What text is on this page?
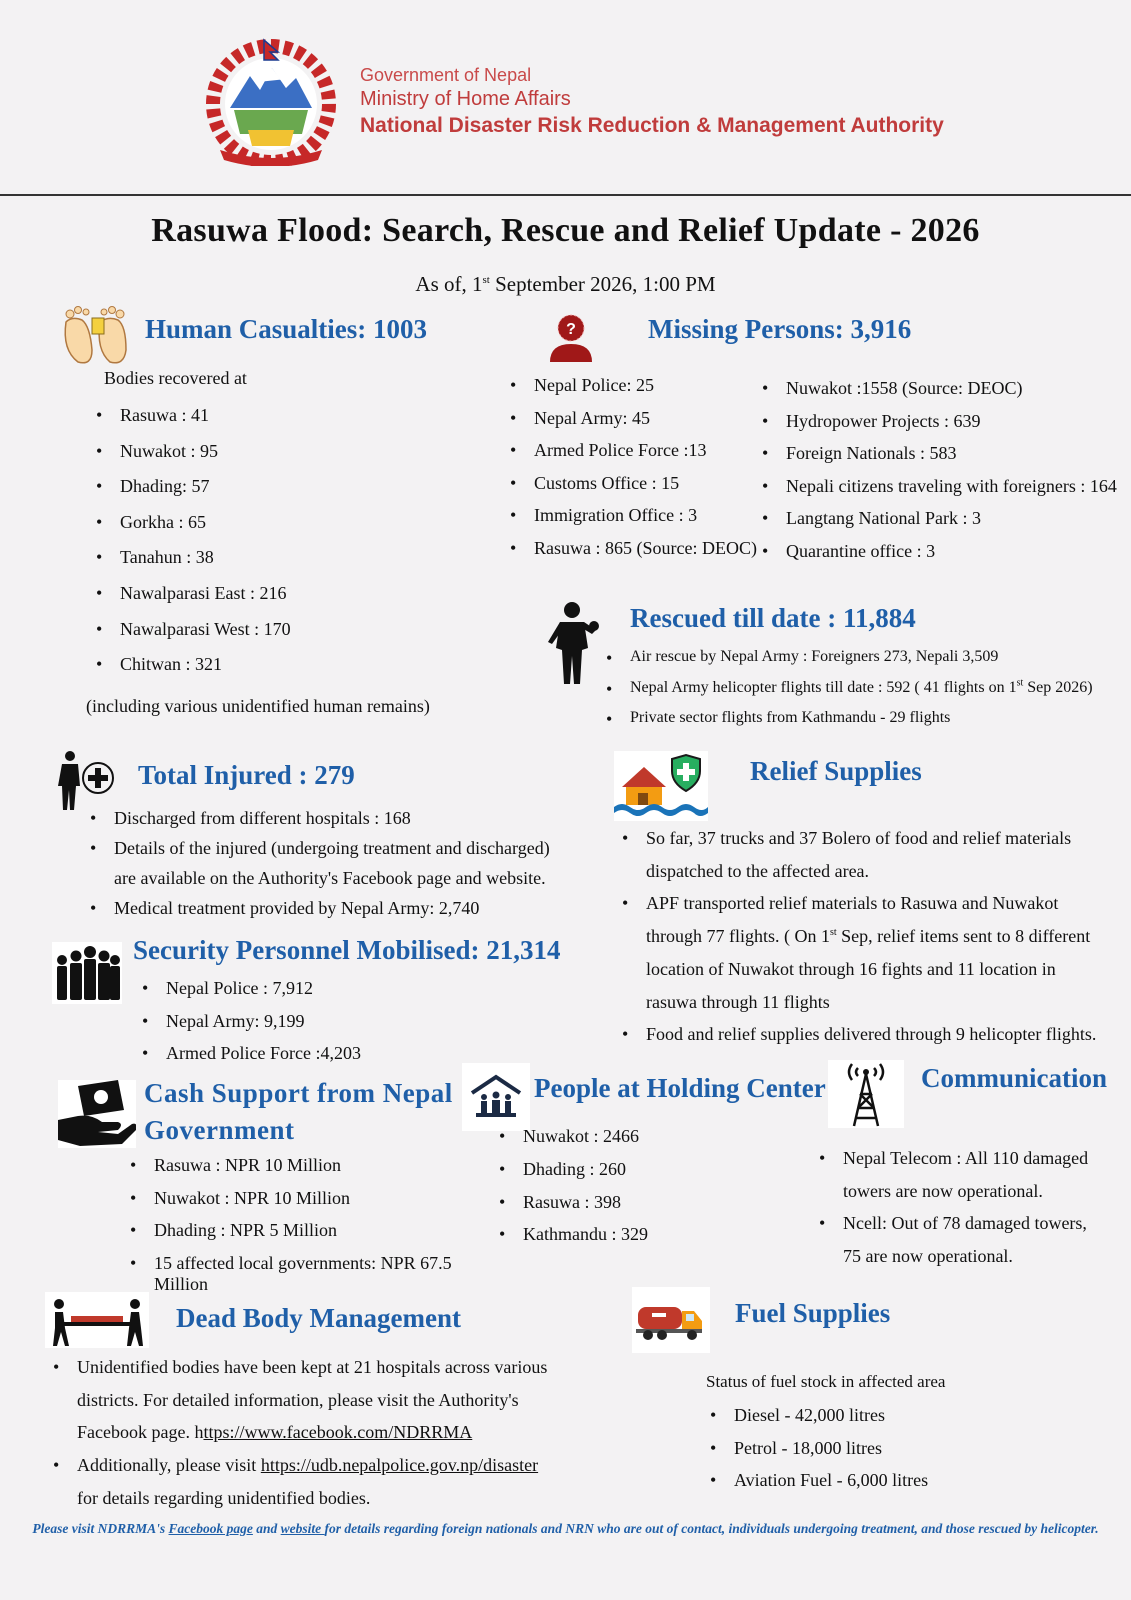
Government of Nepal
Ministry of Home Affairs
National Disaster Risk Reduction & Management Authority
Rasuwa Flood: Search, Rescue and Relief Update - 2026
As of, 1st September 2026, 1:00 PM
Human Casualties: 1003
Bodies recovered at
• Rasuwa : 41
• Nuwakot : 95
• Dhading: 57
• Gorkha : 65
• Tanahun : 38
• Nawalparasi East : 216
• Nawalparasi West : 170
• Chitwan : 321
(including various unidentified human remains)
?	Missing Persons: 3,916
• Nepal Police: 25
• Nepal Army: 45
• Armed Police Force :13
• Customs Office : 15
• Immigration Office : 3
• Rasuwa : 865 (Source: DEOC)
• Nuwakot :1558 (Source: DEOC)
• Hydropower Projects : 639
• Foreign Nationals : 583
• Nepali citizens traveling with foreigners : 164
• Langtang National Park : 3
• Quarantine office : 3
Rescued till date : 11,884
• Air rescue by Nepal Army : Foreigners 273, Nepali 3,509
• Nepal Army helicopter flights till date : 592 ( 41 flights on 1st Sep 2026)
• Private sector flights from Kathmandu - 29 flights
Total Injured : 279
• Discharged from different hospitals : 168
• Details of the injured (undergoing treatment and discharged) are available on the Authority's Facebook page and website.
• Medical treatment provided by Nepal Army: 2,740
Relief Supplies
• So far, 37 trucks and 37 Bolero of food and relief materials dispatched to the affected area.
• APF transported relief materials to Rasuwa and Nuwakot through 77 flights. ( On 1st Sep, relief items sent to 8 different location of Nuwakot through 16 fights and 11 location in rasuwa through 11 flights
• Food and relief supplies delivered through 9 helicopter flights.
Security Personnel Mobilised: 21,314
• Nepal Police : 7,912
• Nepal Army: 9,199
• Armed Police Force :4,203
Cash Support from Nepal
Government
• Rasuwa : NPR 10 Million
• Nuwakot : NPR 10 Million
• Dhading : NPR 5 Million
• 15 affected local governments: NPR 67.5 Million
People at Holding Center
• Nuwakot : 2466
• Dhading : 260
• Rasuwa : 398
• Kathmandu : 329
Communication
• Nepal Telecom : All 110 damaged towers are now operational.
• Ncell: Out of 78 damaged towers, 75 are now operational.
Dead Body Management
• Unidentified bodies have been kept at 21 hospitals across various districts. For detailed information, please visit the Authority's Facebook page. https://www.facebook.com/NDRRMA
• Additionally, please visit https://udb.nepalpolice.gov.np/disaster for details regarding unidentified bodies.
Fuel Supplies
Status of fuel stock in affected area
• Diesel - 42,000 litres
• Petrol - 18,000 litres
• Aviation Fuel - 6,000 litres
Please visit NDRRMA's Facebook page and website for details regarding foreign nationals and NRN who are out of contact, individuals undergoing treatment, and those rescued by helicopter.
